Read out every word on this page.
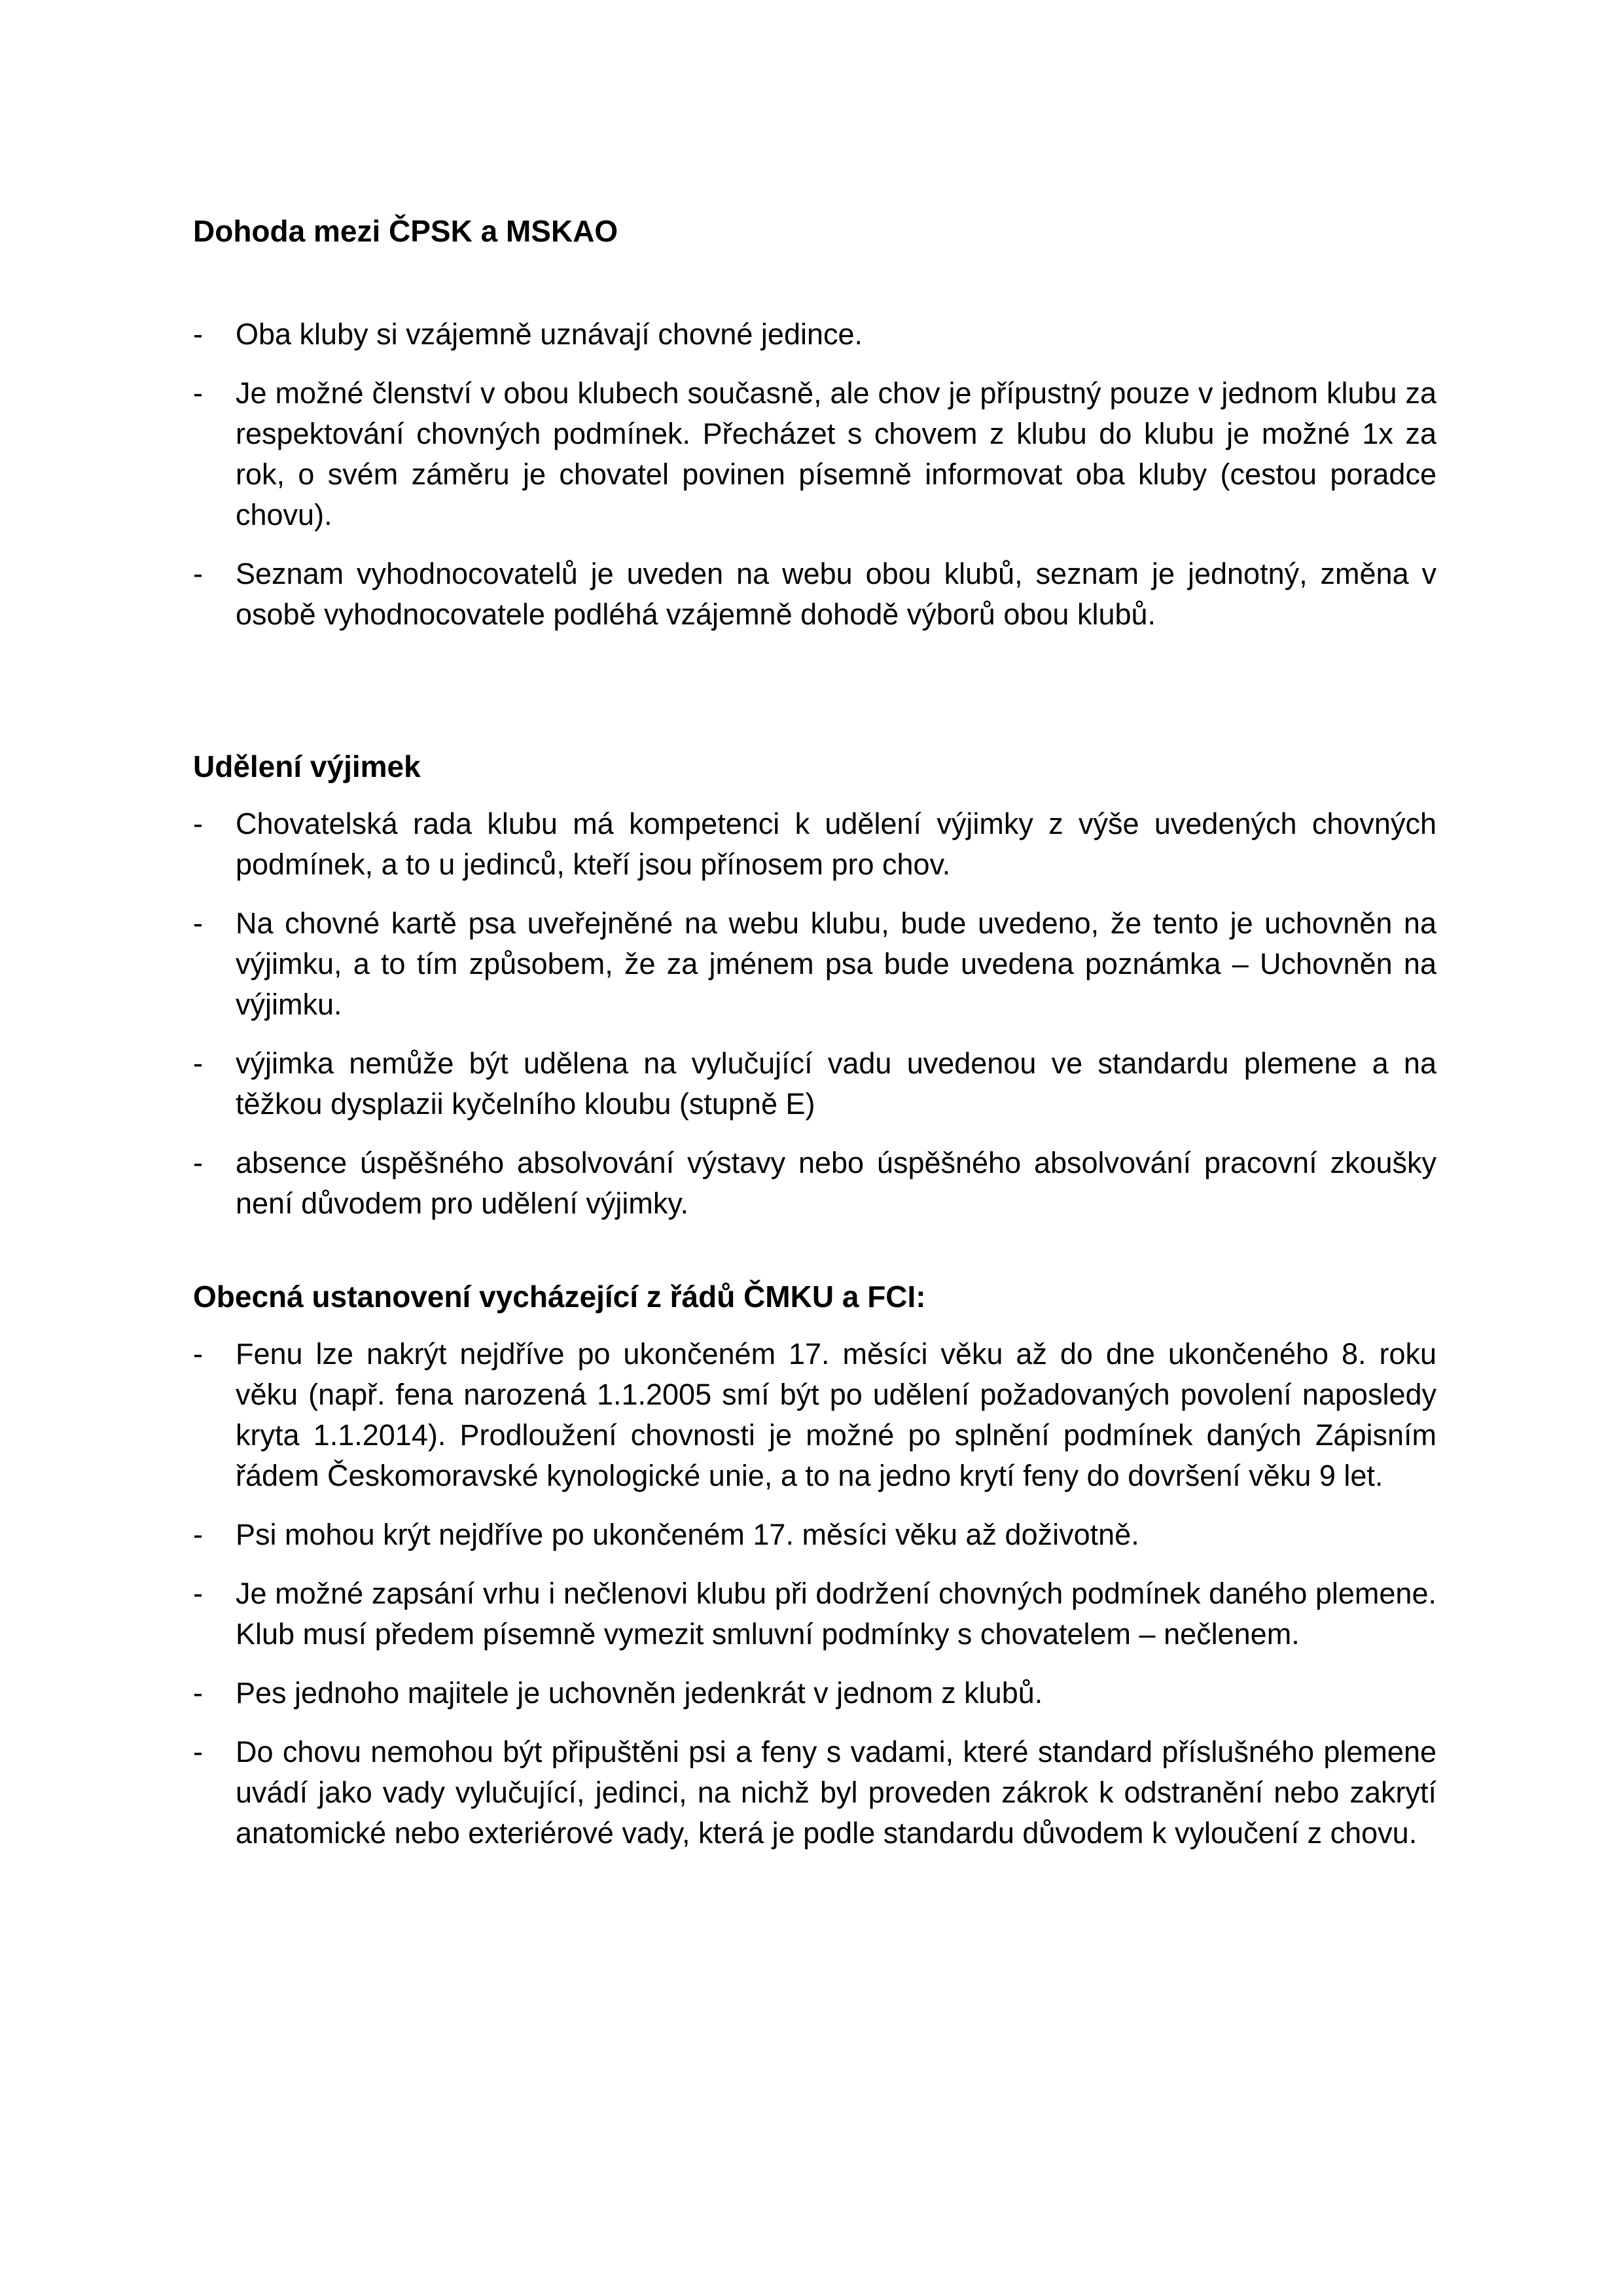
Dohoda mezi ČPSK a MSKAO
-	Oba kluby si vzájemně uznávají chovné jedince.

-	Je možné členství v obou klubech současně, ale chov je přípustný pouze v jednom klubu za respektování chovných podmínek. Přecházet s chovem z klubu do klubu je možné 1x za rok, o svém záměru je chovatel povinen písemně informovat oba kluby (cestou poradce chovu).

-	Seznam vyhodnocovatelů je uveden na webu obou klubů, seznam je jednotný, změna v osobě vyhodnocovatele podléhá vzájemně dohodě výborů obou klubů.

Udělení výjimek
-	Chovatelská rada klubu má kompetenci k udělení výjimky z výše uvedených chovných podmínek, a to u jedinců, kteří jsou přínosem pro chov.

-	Na chovné kartě psa uveřejněné na webu klubu, bude uvedeno, že tento je uchovněn na výjimku, a to tím způsobem, že za jménem psa bude uvedena poznámka – Uchovněn na výjimku.

-	výjimka nemůže být udělena na vylučující vadu uvedenou ve standardu plemene a na těžkou dysplazii kyčelního kloubu (stupně E)

-	absence úspěšného absolvování výstavy nebo úspěšného absolvování pracovní zkoušky není důvodem pro udělení výjimky.

Obecná ustanovení vycházející z řádů ČMKU a FCI:
-	Fenu lze nakrýt nejdříve po ukončeném 17. měsíci věku až do dne ukončeného 8. roku věku (např. fena narozená 1.1.2005 smí být po udělení požadovaných povolení naposledy kryta 1.1.2014). Prodloužení chovnosti je možné po splnění podmínek daných Zápisním řádem Českomoravské kynologické unie, a to na jedno krytí feny do dovršení věku 9 let.

-	Psi mohou krýt nejdříve po ukončeném 17. měsíci věku až doživotně.

-	Je možné zapsání vrhu i nečlenovi klubu při dodržení chovných podmínek daného plemene. Klub musí předem písemně vymezit smluvní podmínky s chovatelem – nečlenem.

-	Pes jednoho majitele je uchovněn jedenkrát v jednom z klubů.

-	Do chovu nemohou být připuštěni psi a feny s vadami, které standard příslušného plemene uvádí jako vady vylučující, jedinci, na nichž byl proveden zákrok k odstranění nebo zakrytí anatomické nebo exteriérové vady, která je podle standardu důvodem k vyloučení z chovu.
